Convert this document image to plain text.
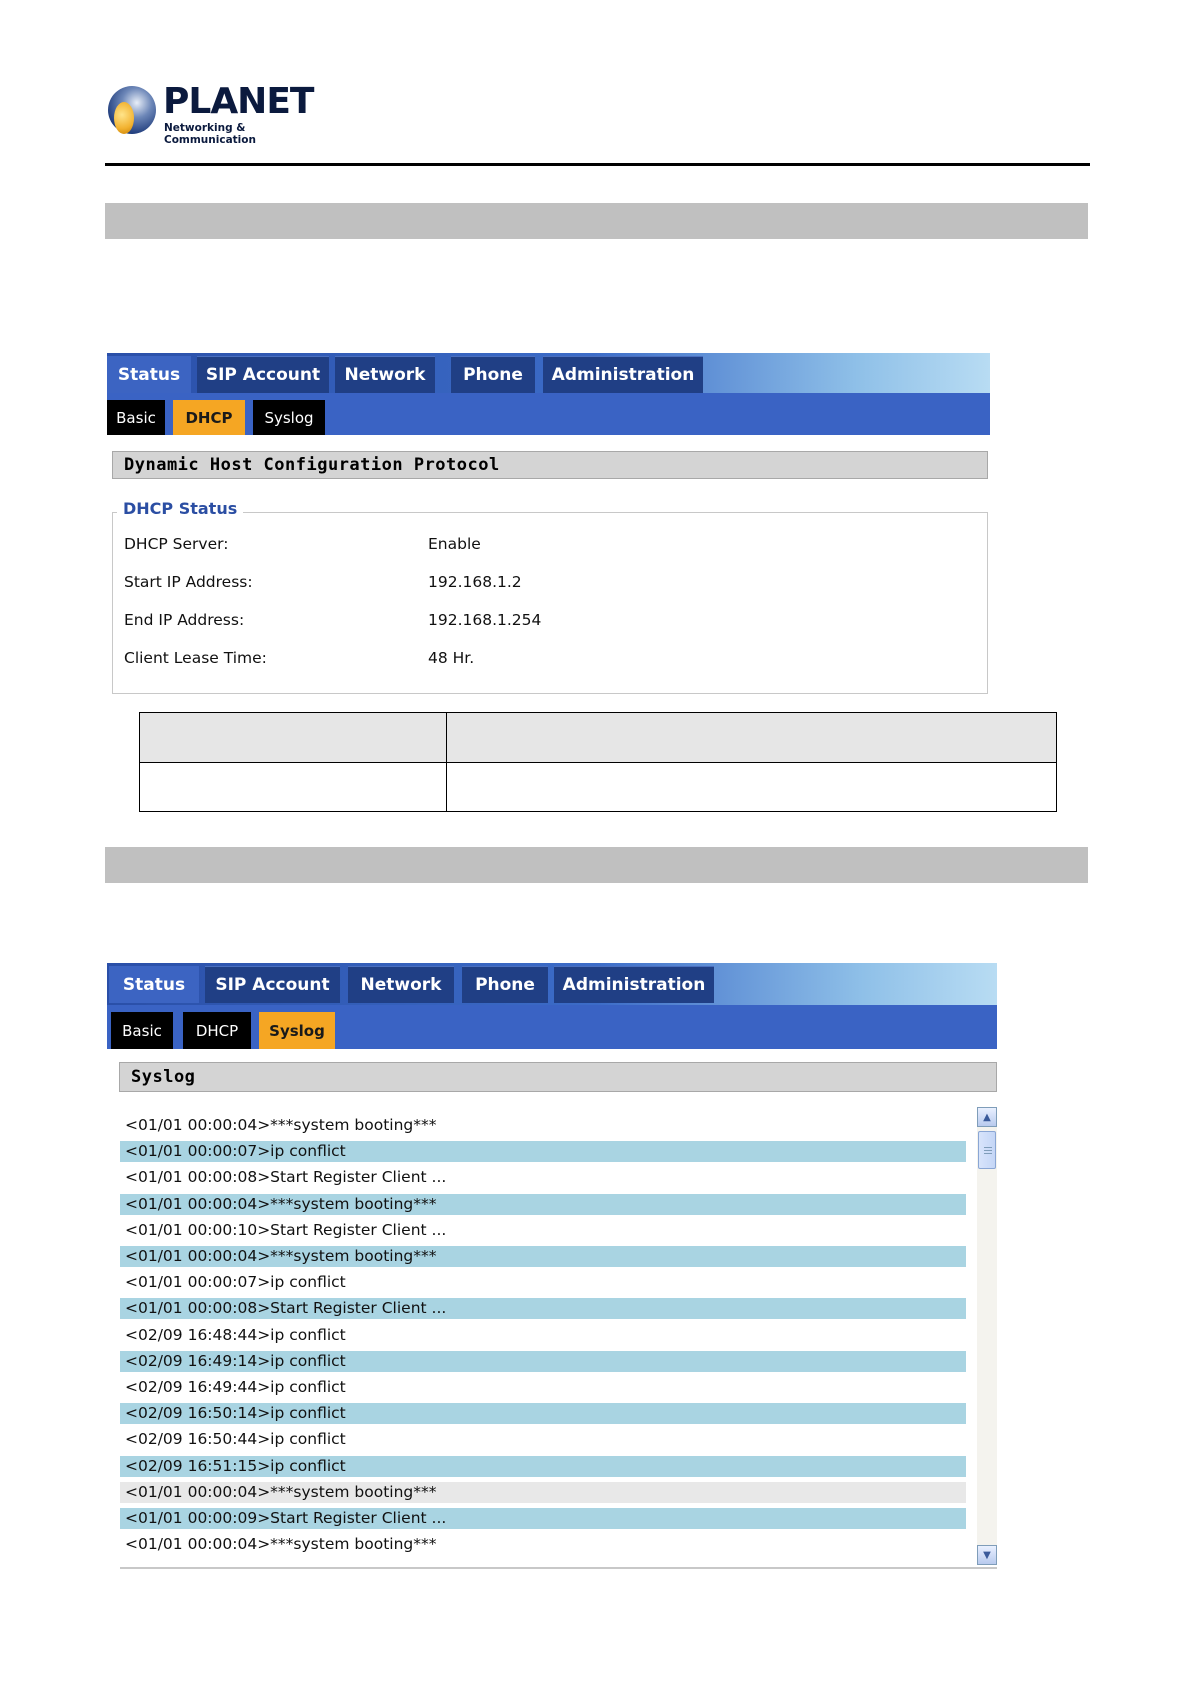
PLANET
Networking & Communication
Status	SIP Account	Network	Phone	Administration
Basic	DHCP	Syslog
Dynamic Host Configuration Protocol
DHCP Status
DHCP Server:	Enable
Start IP Address:	192.168.1.2
End IP Address:	192.168.1.254
Client Lease Time:	48 Hr.

Status	SIP Account	Network	Phone	Administration
Basic	DHCP	Syslog
Syslog
<01/01 00:00:04>***system booting***
<01/01 00:00:09>Start Register Client ...
<01/01 00:00:04>***system booting***
<02/09 16:51:15>ip conflict
<02/09 16:50:44>ip conflict
<02/09 16:50:14>ip conflict
<02/09 16:49:44>ip conflict
<02/09 16:49:14>ip conflict
<02/09 16:48:44>ip conflict
<01/01 00:00:08>Start Register Client ...
<01/01 00:00:07>ip conflict
<01/01 00:00:04>***system booting***
<01/01 00:00:10>Start Register Client ...
<01/01 00:00:04>***system booting***
<01/01 00:00:08>Start Register Client ...
<01/01 00:00:07>ip conflict
<01/01 00:00:04>***system booting***	▲
▼
